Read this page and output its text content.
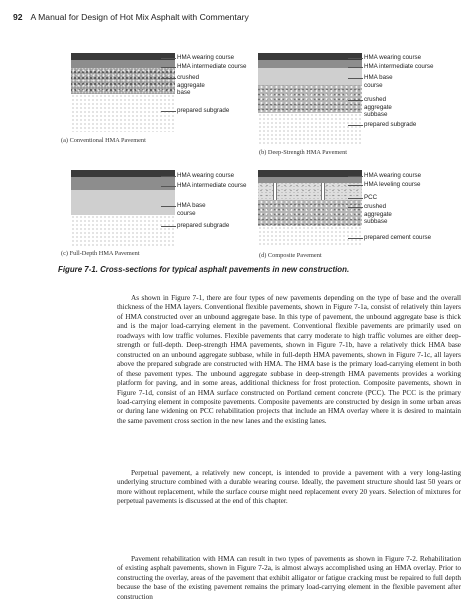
92 A Manual for Design of Hot Mix Asphalt with Commentary
HMA wearing course
HMA intermediate course
crushed
aggregate
base
prepared subgrade
(a) Conventional HMA Pavement
HMA wearing course
HMA intermediate course
HMA base
course
crushed
aggregate
subbase
prepared subgrade
(b) Deep-Strength HMA Pavement
HMA wearing course
HMA intermediate course
HMA base
course
prepared subgrade
(c) Full-Depth HMA Pavement
HMA wearing course
HMA leveling course
PCC
crushed
aggregate
subbase
prepared cement course
(d) Composite Pavement
Figure 7-1. Cross-sections for typical asphalt pavements in new construction.

As shown in Figure 7-1, there are four types of new pavements depending on the type of base and the overall thickness of the HMA layers. Conventional flexible pavements, shown in Figure 7-1a, consist of relatively thin layers of HMA constructed over an unbound aggregate base. In this type of pavement, the unbound aggregate base is thick and is the major load-carrying element in the pavement. Conventional flexible pavements are primarily used on roadways with low traffic volumes. Flexible pavements that carry moderate to high traffic volumes are either deep-strength or full-depth. Deep-strength HMA pavements, shown in Figure 7-1b, have a relatively thick HMA base constructed on an unbound aggregate subbase, while in full-depth HMA pavements, shown in Figure 7-1c, all layers above the prepared subgrade are constructed with HMA. The HMA base is the primary load-carrying element in both of these pavement types. The unbound aggregate subbase in deep-strength HMA pavements provides a working platform for paving, and in some areas, additional thickness for frost protection. Composite pavements, shown in Figure 7-1d, consist of an HMA surface constructed on Portland cement concrete (PCC). The PCC is the primary load-carrying element in composite pavements. Composite pavements are constructed by design in some urban areas or during lane widening on PCC rehabilitation projects that include an HMA overlay where it is desired to maintain the same pavement cross section in the new lanes and the existing lanes.

Perpetual pavement, a relatively new concept, is intended to provide a pavement with a very long-lasting underlying structure combined with a durable wearing course. Ideally, the pavement structure should last 50 years or more without replacement, while the surface course might need replacement every 20 years. Selection of mixtures for perpetual pavements is discussed at the end of this chapter.

Pavement rehabilitation with HMA can result in two types of pavements as shown in Figure 7-2. Rehabilitation of existing asphalt pavements, shown in Figure 7-2a, is almost always accomplished using an HMA overlay. Prior to constructing the overlay, areas of the pavement that exhibit alligator or fatigue cracking must be repaired to full depth because the base of the existing pavement remains the primary load-carrying element in the flexible pavement after construction
